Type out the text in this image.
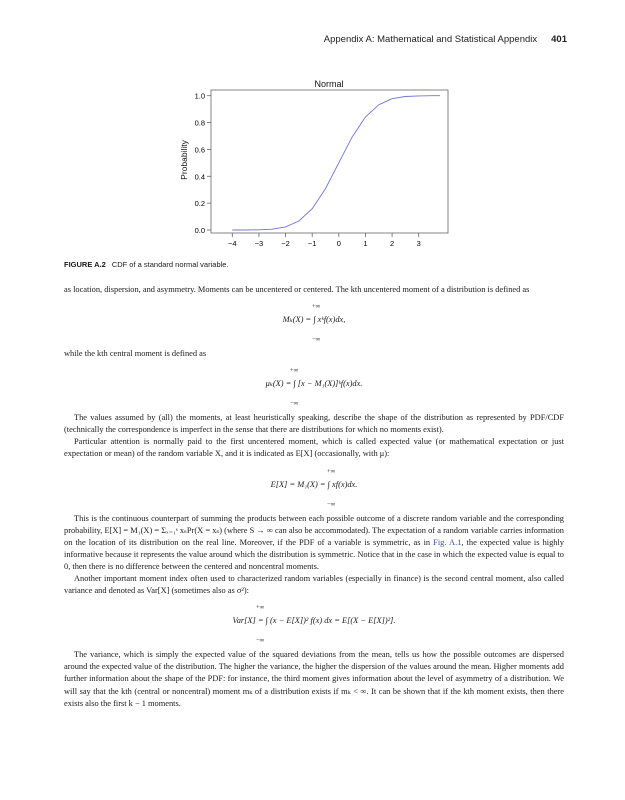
Appendix A: Mathematical and Statistical Appendix 401
Normal
Probability
0.0
0.2
0.4
0.6
0.8
1.0
−4 −3 −2 −1	0	1	2	3
FIGURE A.2 CDF of a standard normal variable.

as location, dispersion, and asymmetry. Moments can be uncentered or centered. The kth uncentered moment of a distribution is defined as

+∞
−∞
Mₖ(X) = ∫ xᵏf(x)dx,

while the kth central moment is defined as

+∞
−∞
μₖ(X) = ∫ [x − M₁(X)]ᵏf(x)dx.

The values assumed by (all) the moments, at least heuristically speaking, describe the shape of the distribution as represented by PDF/CDF (technically the correspondence is imperfect in the sense that there are distributions for which no moments exist).

Particular attention is normally paid to the first uncentered moment, which is called expected value (or mathematical expectation or just expectation or mean) of the random variable X, and it is indicated as E[X] (occasionally, with μ):

+∞
−∞
E[X] = M₁(X) = ∫ xf(x)dx.

This is the continuous counterpart of summing the products between each possible outcome of a discrete random variable and the corresponding probability, E[X] = M₁(X) = Σₓ₌₁ˢ xₛPr(X = xₛ) (where S → ∞ can also be accommodated). The expectation of a random variable carries information on the location of its distribution on the real line. Moreover, if the PDF of a variable is symmetric, as in Fig. A.1, the expected value is highly informative because it represents the value around which the distribution is symmetric. Notice that in the case in which the expected value is equal to 0, then there is no difference between the centered and noncentral moments.

Another important moment index often used to characterized random variables (especially in finance) is the second central moment, also called variance and denoted as Var[X] (sometimes also as σ²):

+∞
−∞
Var[X] = ∫ (x − E[X])² f(x) dx = E[(X − E[X])²].

The variance, which is simply the expected value of the squared deviations from the mean, tells us how the possible outcomes are dispersed around the expected value of the distribution. The higher the variance, the higher the dispersion of the values around the mean. Higher moments add further information about the shape of the PDF: for instance, the third moment gives information about the level of asymmetry of a distribution. We will say that the kth (central or noncentral) moment mₖ of a distribution exists if mₖ < ∞. It can be shown that if the kth moment exists, then there exists also the first k − 1 moments.
